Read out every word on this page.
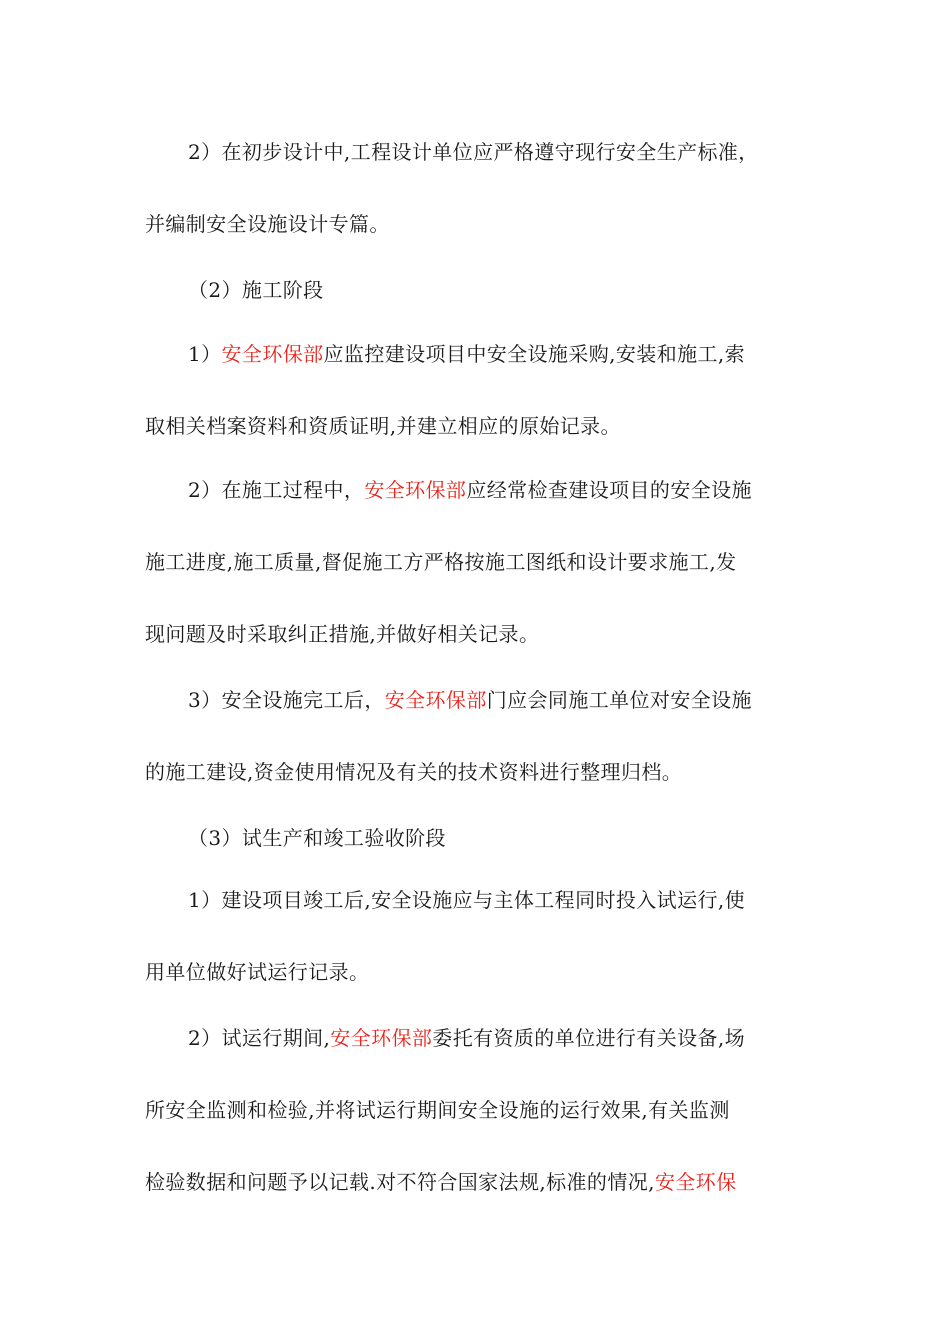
2）在初步设计中,工程设计单位应严格遵守现行安全生产标准，
并编制安全设施设计专篇。
（2）施工阶段
1）安全环保部应监控建设项目中安全设施采购,安装和施工,索
取相关档案资料和资质证明,并建立相应的原始记录。
2）在施工过程中，安全环保部应经常检查建设项目的安全设施
施工进度,施工质量,督促施工方严格按施工图纸和设计要求施工,发
现问题及时采取纠正措施,并做好相关记录。
3）安全设施完工后，安全环保部门应会同施工单位对安全设施
的施工建设,资金使用情况及有关的技术资料进行整理归档。
（3）试生产和竣工验收阶段
1）建设项目竣工后,安全设施应与主体工程同时投入试运行,使
用单位做好试运行记录。
2）试运行期间,安全环保部委托有资质的单位进行有关设备,场
所安全监测和检验,并将试运行期间安全设施的运行效果,有关监测
检验数据和问题予以记载.对不符合国家法规,标准的情况,安全环保
